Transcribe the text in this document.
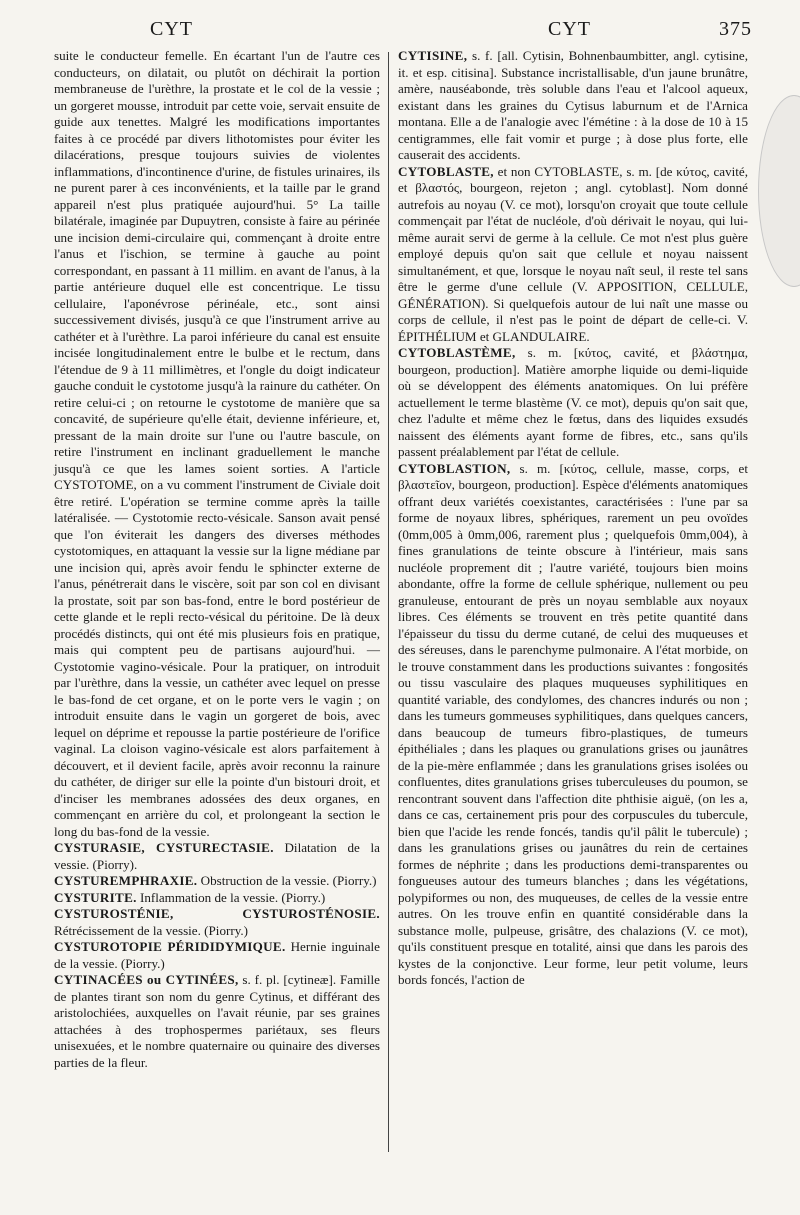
CYT	CYT	375

suite le conducteur femelle. En écartant l'un de l'autre ces conducteurs, on dilatait, ou plutôt on déchirait la portion membraneuse de l'urèthre, la prostate et le col de la vessie ; un gorgeret mousse, introduit par cette voie, servait ensuite de guide aux tenettes. Malgré les modifications importantes faites à ce procédé par divers lithotomistes pour éviter les dilacérations, presque toujours suivies de violentes inflammations, d'incontinence d'urine, de fistules urinaires, ils ne purent parer à ces inconvénients, et la taille par le grand appareil n'est plus pratiquée aujourd'hui. 5° La taille bilatérale, imaginée par Dupuytren, consiste à faire au périnée une incision demi-circulaire qui, commençant à droite entre l'anus et l'ischion, se termine à gauche au point correspondant, en passant à 11 millim. en avant de l'anus, à la partie antérieure duquel elle est concentrique. Le tissu cellulaire, l'aponévrose périnéale, etc., sont ainsi successivement divisés, jusqu'à ce que l'instrument arrive au cathéter et à l'urèthre. La paroi inférieure du canal est ensuite incisée longitudinalement entre le bulbe et le rectum, dans l'étendue de 9 à 11 millimètres, et l'ongle du doigt indicateur gauche conduit le cystotome jusqu'à la rainure du cathéter. On retire celui-ci ; on retourne le cystotome de manière que sa concavité, de supérieure qu'elle était, devienne inférieure, et, pressant de la main droite sur l'une ou l'autre bascule, on retire l'instrument en inclinant graduellement le manche jusqu'à ce que les lames soient sorties. A l'article CYSTOTOME, on a vu comment l'instrument de Civiale doit être retiré. L'opération se termine comme après la taille latéralisée. — Cystotomie recto-vésicale. Sanson avait pensé que l'on éviterait les dangers des diverses méthodes cystotomiques, en attaquant la vessie sur la ligne médiane par une incision qui, après avoir fendu le sphincter externe de l'anus, pénétrerait dans le viscère, soit par son col en divisant la prostate, soit par son bas-fond, entre le bord postérieur de cette glande et le repli recto-vésical du péritoine. De là deux procédés distincts, qui ont été mis plusieurs fois en pratique, mais qui comptent peu de partisans aujourd'hui. — Cystotomie vagino-vésicale. Pour la pratiquer, on introduit par l'urèthre, dans la vessie, un cathéter avec lequel on presse le bas-fond de cet organe, et on le porte vers le vagin ; on introduit ensuite dans le vagin un gorgeret de bois, avec lequel on déprime et repousse la partie postérieure de l'orifice vaginal. La cloison vagino-vésicale est alors parfaitement à découvert, et il devient facile, après avoir reconnu la rainure du cathéter, de diriger sur elle la pointe d'un bistouri droit, et d'inciser les membranes adossées des deux organes, en commençant en arrière du col, et prolongeant la section le long du bas-fond de la vessie.

CYSTURASIE, CYSTURECTASIE. Dilatation de la vessie. (Piorry).

CYSTUREMPHRAXIE. Obstruction de la vessie. (Piorry.)

CYSTURITE. Inflammation de la vessie. (Piorry.)

CYSTUROSTÉNIE, CYSTUROSTÉNOSIE. Rétrécissement de la vessie. (Piorry.)

CYSTUROTOPIE PÉRIDIDYMIQUE. Hernie inguinale de la vessie. (Piorry.)

CYTINACÉES ou CYTINÉES, s. f. pl. [cytineæ]. Famille de plantes tirant son nom du genre Cytinus, et différant des aristolochiées, auxquelles on l'avait réunie, par ses graines attachées à des trophospermes pariétaux, ses fleurs unisexuées, et le nombre quaternaire ou quinaire des diverses parties de la fleur.

CYTISINE, s. f. [all. Cytisin, Bohnenbaumbitter, angl. cytisine, it. et esp. citisina]. Substance incristallisable, d'un jaune brunâtre, amère, nauséabonde, très soluble dans l'eau et l'alcool aqueux, existant dans les graines du Cytisus laburnum et de l'Arnica montana. Elle a de l'analogie avec l'émétine : à la dose de 10 à 15 centigrammes, elle fait vomir et purge ; à dose plus forte, elle causerait des accidents.

CYTOBLASTE, et non CYTOBLASTE, s. m. [de κύτος, cavité, et βλαστός, bourgeon, rejeton ; angl. cytoblast]. Nom donné autrefois au noyau (V. ce mot), lorsqu'on croyait que toute cellule commençait par l'état de nucléole, d'où dérivait le noyau, qui lui-même aurait servi de germe à la cellule. Ce mot n'est plus guère employé depuis qu'on sait que cellule et noyau naissent simultanément, et que, lorsque le noyau naît seul, il reste tel sans être le germe d'une cellule (V. APPOSITION, CELLULE, GÉNÉRATION). Si quelquefois autour de lui naît une masse ou corps de cellule, il n'est pas le point de départ de celle-ci. V. ÉPITHÉLIUM et GLANDULAIRE.

CYTOBLASTÈME, s. m. [κύτος, cavité, et βλάστημα, bourgeon, production]. Matière amorphe liquide ou demi-liquide où se développent des éléments anatomiques. On lui préfère actuellement le terme blastème (V. ce mot), depuis qu'on sait que, chez l'adulte et même chez le fœtus, dans des liquides exsudés naissent des éléments ayant forme de fibres, etc., sans qu'ils passent préalablement par l'état de cellule.

CYTOBLASTION, s. m. [κύτος, cellule, masse, corps, et βλαστεῖον, bourgeon, production]. Espèce d'éléments anatomiques offrant deux variétés coexistantes, caractérisées : l'une par sa forme de noyaux libres, sphériques, rarement un peu ovoïdes (0mm,005 à 0mm,006, rarement plus ; quelquefois 0mm,004), à fines granulations de teinte obscure à l'intérieur, mais sans nucléole proprement dit ; l'autre variété, toujours bien moins abondante, offre la forme de cellule sphérique, nullement ou peu granuleuse, entourant de près un noyau semblable aux noyaux libres. Ces éléments se trouvent en très petite quantité dans l'épaisseur du tissu du derme cutané, de celui des muqueuses et des séreuses, dans le parenchyme pulmonaire. A l'état morbide, on le trouve constamment dans les productions suivantes : fongosités ou tissu vasculaire des plaques muqueuses syphilitiques en quantité variable, des condylomes, des chancres indurés ou non ; dans les tumeurs gommeuses syphilitiques, dans quelques cancers, dans beaucoup de tumeurs fibro-plastiques, de tumeurs épithéliales ; dans les plaques ou granulations grises ou jaunâtres de la pie-mère enflammée ; dans les granulations grises isolées ou confluentes, dites granulations grises tuberculeuses du poumon, se rencontrant souvent dans l'affection dite phthisie aiguë, (on les a, dans ce cas, certainement pris pour des corpuscules du tubercule, bien que l'acide les rende foncés, tandis qu'il pâlit le tubercule) ; dans les granulations grises ou jaunâtres du rein de certaines formes de néphrite ; dans les productions demi-transparentes ou fongueuses autour des tumeurs blanches ; dans les végétations, polypiformes ou non, des muqueuses, de celles de la vessie entre autres. On les trouve enfin en quantité considérable dans la substance molle, pulpeuse, grisâtre, des chalazions (V. ce mot), qu'ils constituent presque en totalité, ainsi que dans les parois des kystes de la conjonctive. Leur forme, leur petit volume, leurs bords foncés, l'action de
